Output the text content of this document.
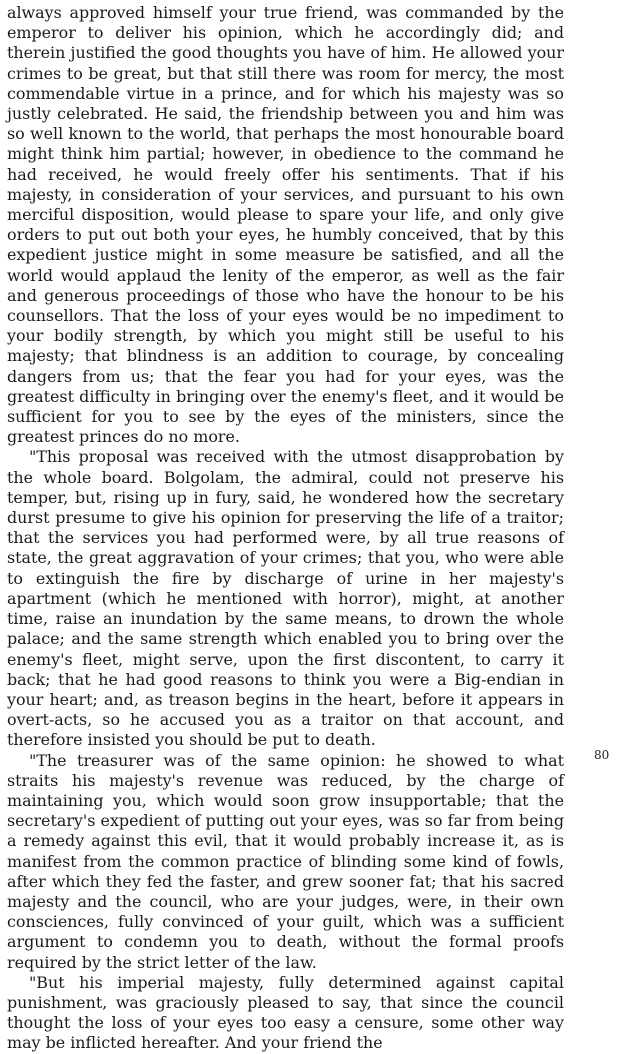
always approved himself your true friend, was commanded by the emperor to deliver his opinion, which he accordingly did; and therein justified the good thoughts you have of him. He allowed your crimes to be great, but that still there was room for mercy, the most commendable virtue in a prince, and for which his majesty was so justly celebrated. He said, the friendship between you and him was so well known to the world, that perhaps the most honourable board might think him partial; however, in obedience to the command he had received, he would freely offer his sentiments. That if his majesty, in consideration of your services, and pursuant to his own merciful disposition, would please to spare your life, and only give orders to put out both your eyes, he humbly conceived, that by this expedient justice might in some measure be satisfied, and all the world would applaud the lenity of the emperor, as well as the fair and generous proceedings of those who have the honour to be his counsellors. That the loss of your eyes would be no impediment to your bodily strength, by which you might still be useful to his majesty; that blindness is an addition to courage, by concealing dangers from us; that the fear you had for your eyes, was the greatest difficulty in bringing over the enemy's fleet, and it would be sufficient for you to see by the eyes of the ministers, since the greatest princes do no more.

"This proposal was received with the utmost disapprobation by the whole board. Bolgolam, the admiral, could not preserve his temper, but, rising up in fury, said, he wondered how the secretary durst presume to give his opinion for preserving the life of a traitor; that the services you had performed were, by all true reasons of state, the great aggravation of your crimes; that you, who were able to extinguish the fire by discharge of urine in her majesty's apartment (which he mentioned with horror), might, at another time, raise an inundation by the same means, to drown the whole palace; and the same strength which enabled you to bring over the enemy's fleet, might serve, upon the first discontent, to carry it back; that he had good reasons to think you were a Big-endian in your heart; and, as treason begins in the heart, before it appears in overt-acts, so he accused you as a traitor on that account, and therefore insisted you should be put to death.

"The treasurer was of the same opinion: he showed to what straits his majesty's revenue was reduced, by the charge of maintaining you, which would soon grow insupportable; that the secretary's expedient of putting out your eyes, was so far from being a remedy against this evil, that it would probably increase it, as is manifest from the common practice of blinding some kind of fowls, after which they fed the faster, and grew sooner fat; that his sacred majesty and the council, who are your judges, were, in their own consciences, fully convinced of your guilt, which was a sufficient argument to condemn you to death, without the formal proofs required by the strict letter of the law.

"But his imperial majesty, fully determined against capital punishment, was graciously pleased to say, that since the council thought the loss of your eyes too easy a censure, some other way may be inflicted hereafter. And your friend the

80
